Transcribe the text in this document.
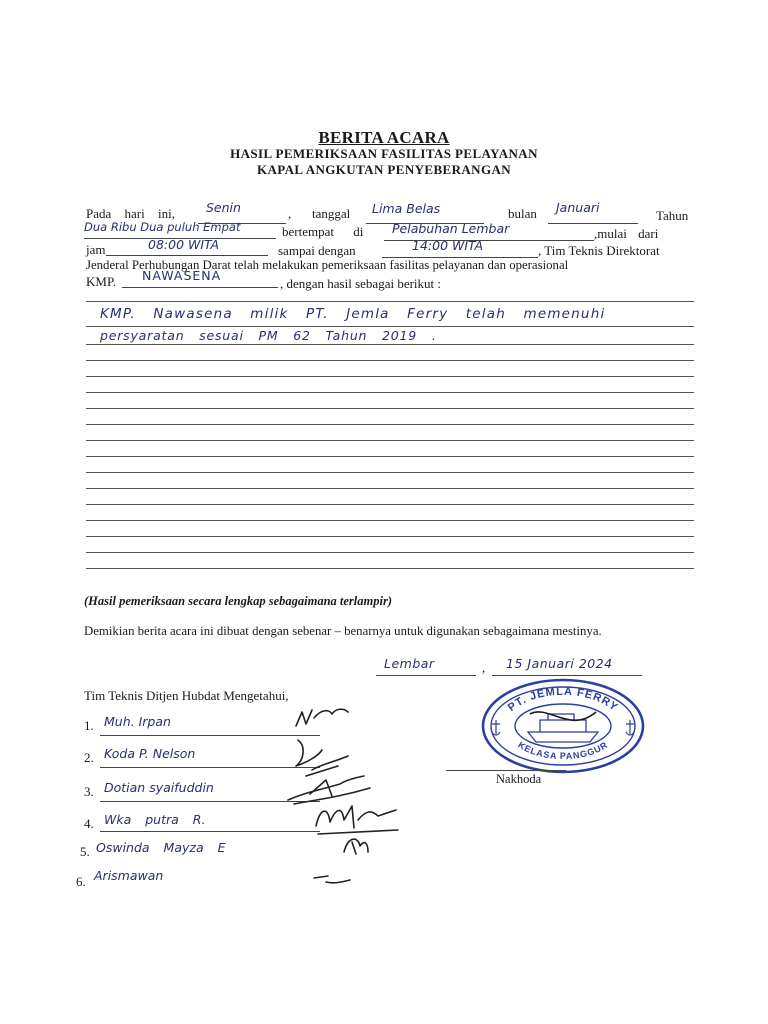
BERITA ACARA
HASIL PEMERIKSAAN FASILITAS PELAYANAN
KAPAL ANGKUTAN PENYEBERANGAN
Pada hari ini, Senin	, tanggal Lima Belas	bulan Januari
Tahun
Dua Ribu Dua puluh Empat	bertempat di Pelabuhan Lembar	,mulai dari
jam	08:00 WITA	sampai dengan	14:00 WITA	, Tim Teknis Direktorat
Jenderal Perhubungan Darat telah melakukan pemeriksaan fasilitas pelayanan dan operasional
KMP. NAWASENA
, dengan hasil sebagai berikut :
KMP. Nawasena milik PT. Jemla Ferry telah memenuhi
persyaratan sesuai PM 62 Tahun 2019 .
(Hasil pemeriksaan secara lengkap sebagaimana terlampir)
Demikian berita acara ini dibuat dengan sebenar – benarnya untuk digunakan sebagaimana mestinya.
Lembar	, 15 Januari 2024
Tim Teknis Ditjen Hubdat Mengetahui,
1. Muh. Irpan
2. Koda P. Nelson
3. Dotian syaifuddin
4. Wka putra R.
5. Oswinda Mayza E
6. Arismawan
PT. JEMLA FERRY
KELASA PANGGUR
Nakhoda
